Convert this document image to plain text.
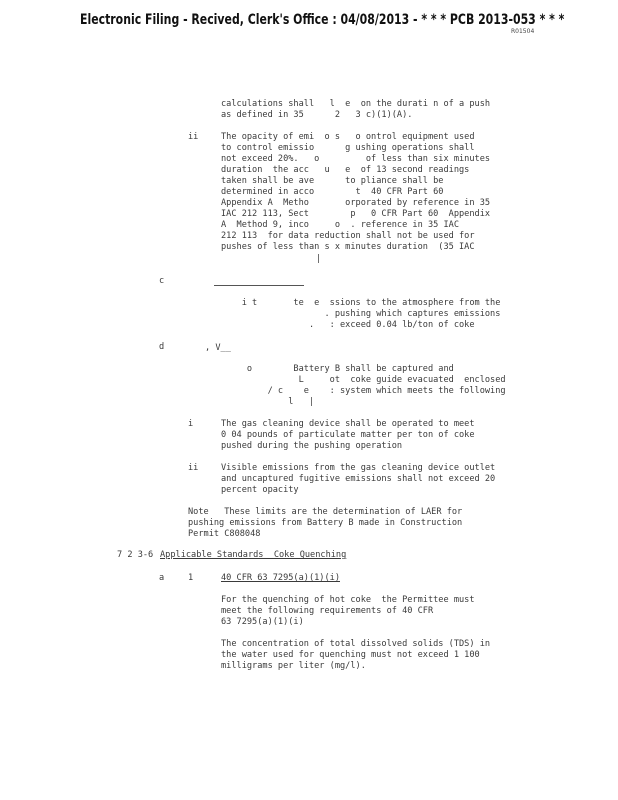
Electronic Filing - Recived, Clerk's Office : 04/08/2013 - * * * PCB 2013-053 * * *
R01504
calculations shall   l  e  on the durati n of a push
as defined in 35      2   3 c)(1)(A).
ii	The opacity of emi  o s   o ontrol equipment used
to control emissio      g ushing operations shall
not exceed 20%.   o         of less than six minutes
duration  the acc   u   e  of 13 second readings
taken shall be ave      to pliance shall be
determined in acco        t  40 CFR Part 60
Appendix A  Metho       orporated by reference in 35
IAC 212 113, Sect        p   0 CFR Part 60  Appendix
A  Method 9, inco     o  . reference in 35 IAC
212 113  for data reduction shall not be used for
pushes of less than s x minutes duration  (35 IAC
|
c
i t       te  e  ssions to the atmosphere from the
. pushing which captures emissions
.   : exceed 0.04 lb/ton of coke
d	, V__
o        Battery B shall be captured and
L     ot  coke guide evacuated  enclosed
/ c    e    : system which meets the following
l   |
i	The gas cleaning device shall be operated to meet
0 04 pounds of particulate matter per ton of coke
pushed during the pushing operation
ii	Visible emissions from the gas cleaning device outlet
and uncaptured fugitive emissions shall not exceed 20
percent opacity
Note   These limits are the determination of LAER for
pushing emissions from Battery B made in Construction
Permit C808048
7 2 3-6 Applicable Standards  Coke Quenching
a	1	40 CFR 63 7295(a)(1)(i)
For the quenching of hot coke  the Permittee must
meet the following requirements of 40 CFR
63 7295(a)(1)(i)
The concentration of total dissolved solids (TDS) in
the water used for quenching must not exceed 1 100
milligrams per liter (mg/l).
